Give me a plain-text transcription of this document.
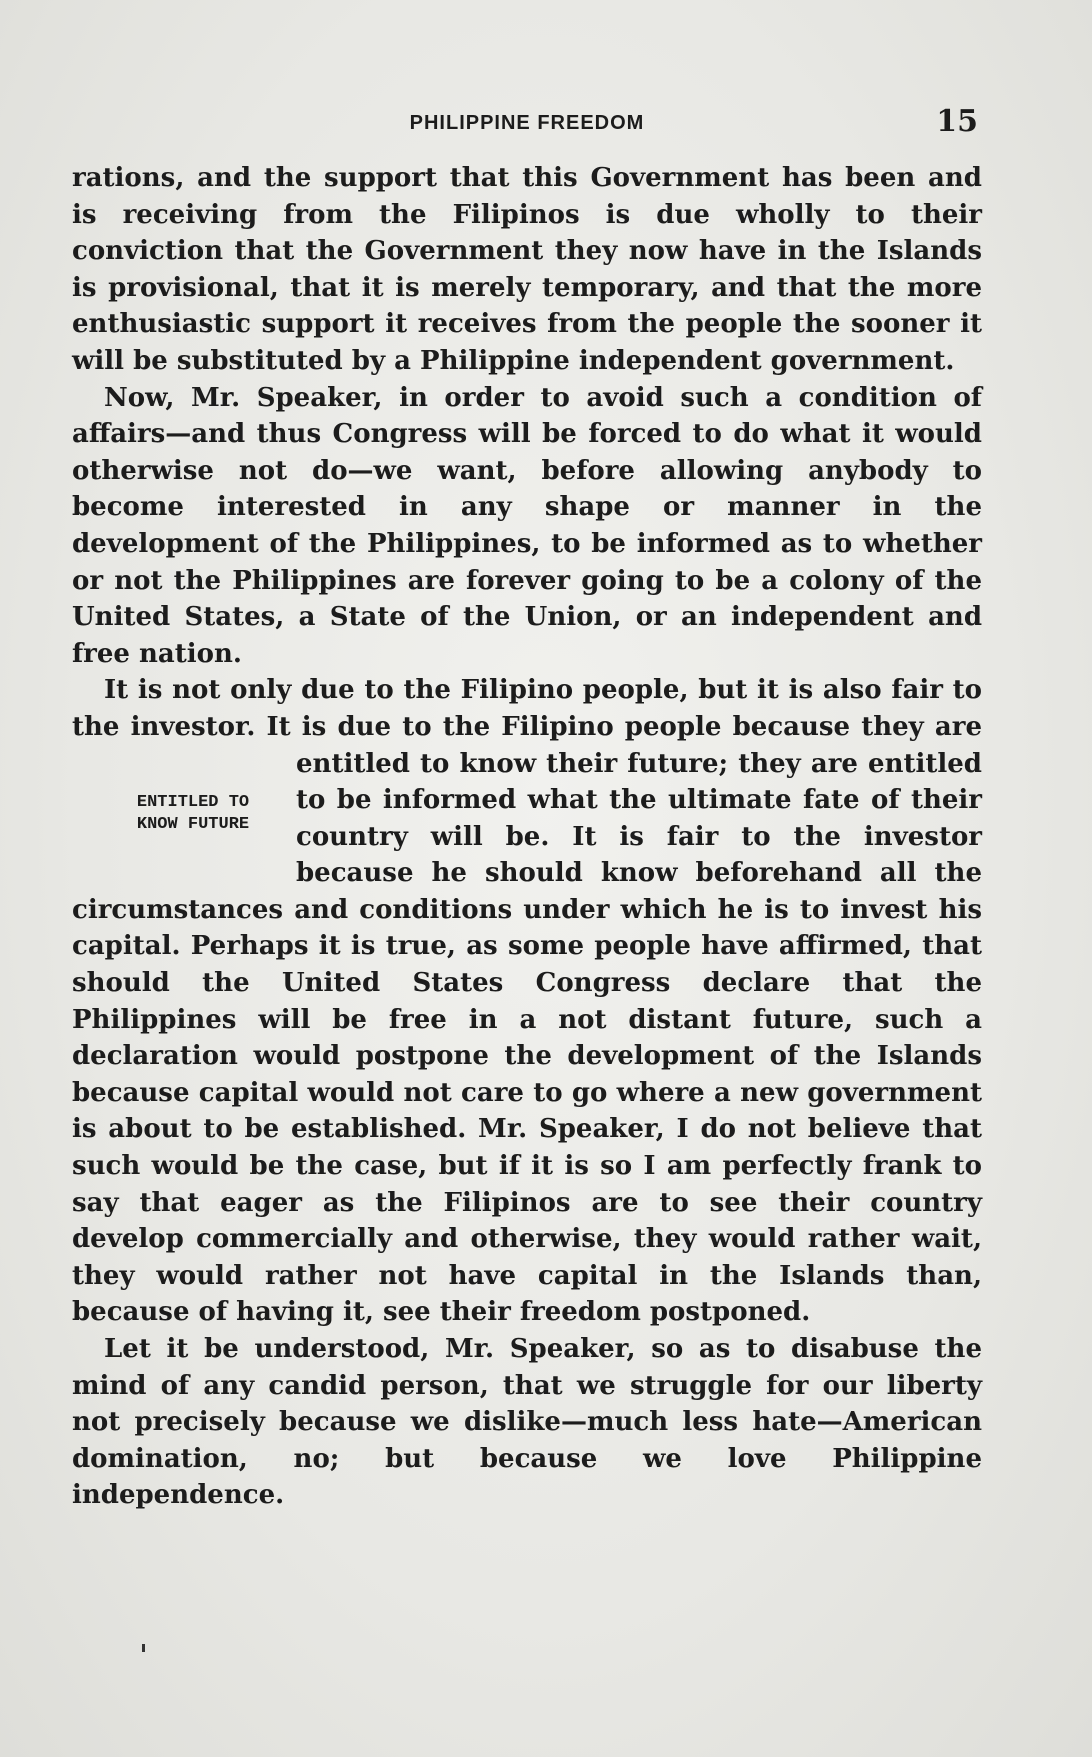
PHILIPPINE FREEDOM	15

rations, and the support that this Government has been and is receiving from the Filipinos is due wholly to their conviction that the Government they now have in the Islands is provisional, that it is merely temporary, and that the more enthusiastic support it receives from the people the sooner it will be substituted by a Philippine independent government.

Now, Mr. Speaker, in order to avoid such a condition of affairs—and thus Congress will be forced to do what it would otherwise not do—we want, before allowing anybody to become interested in any shape or manner in the development of the Philippines, to be informed as to whether or not the Philippines are forever going to be a colony of the United States, a State of the Union, or an independent and free nation.

It is not only due to the Filipino people, but it is also fair to the investor. It is due to the Filipino people because they are entitled to know their future; they are
ENTITLED TO
KNOW FUTURE
entitled to be informed what the ultimate fate of their country will be. It is fair to the investor because he should know beforehand all the circumstances and conditions under which he is to invest his capital. Perhaps it is true, as some people have affirmed, that should the United States Congress declare that the Philippines will be free in a not distant future, such a declaration would postpone the development of the Islands because capital would not care to go where a new government is about to be established. Mr. Speaker, I do not believe that such would be the case, but if it is so I am perfectly frank to say that eager as the Filipinos are to see their country develop commercially and otherwise, they would rather wait, they would rather not have capital in the Islands than, because of having it, see their freedom postponed.

Let it be understood, Mr. Speaker, so as to disabuse the mind of any candid person, that we struggle for our liberty not precisely because we dislike—much less hate—American domination, no; but because we love Philippine independence.
